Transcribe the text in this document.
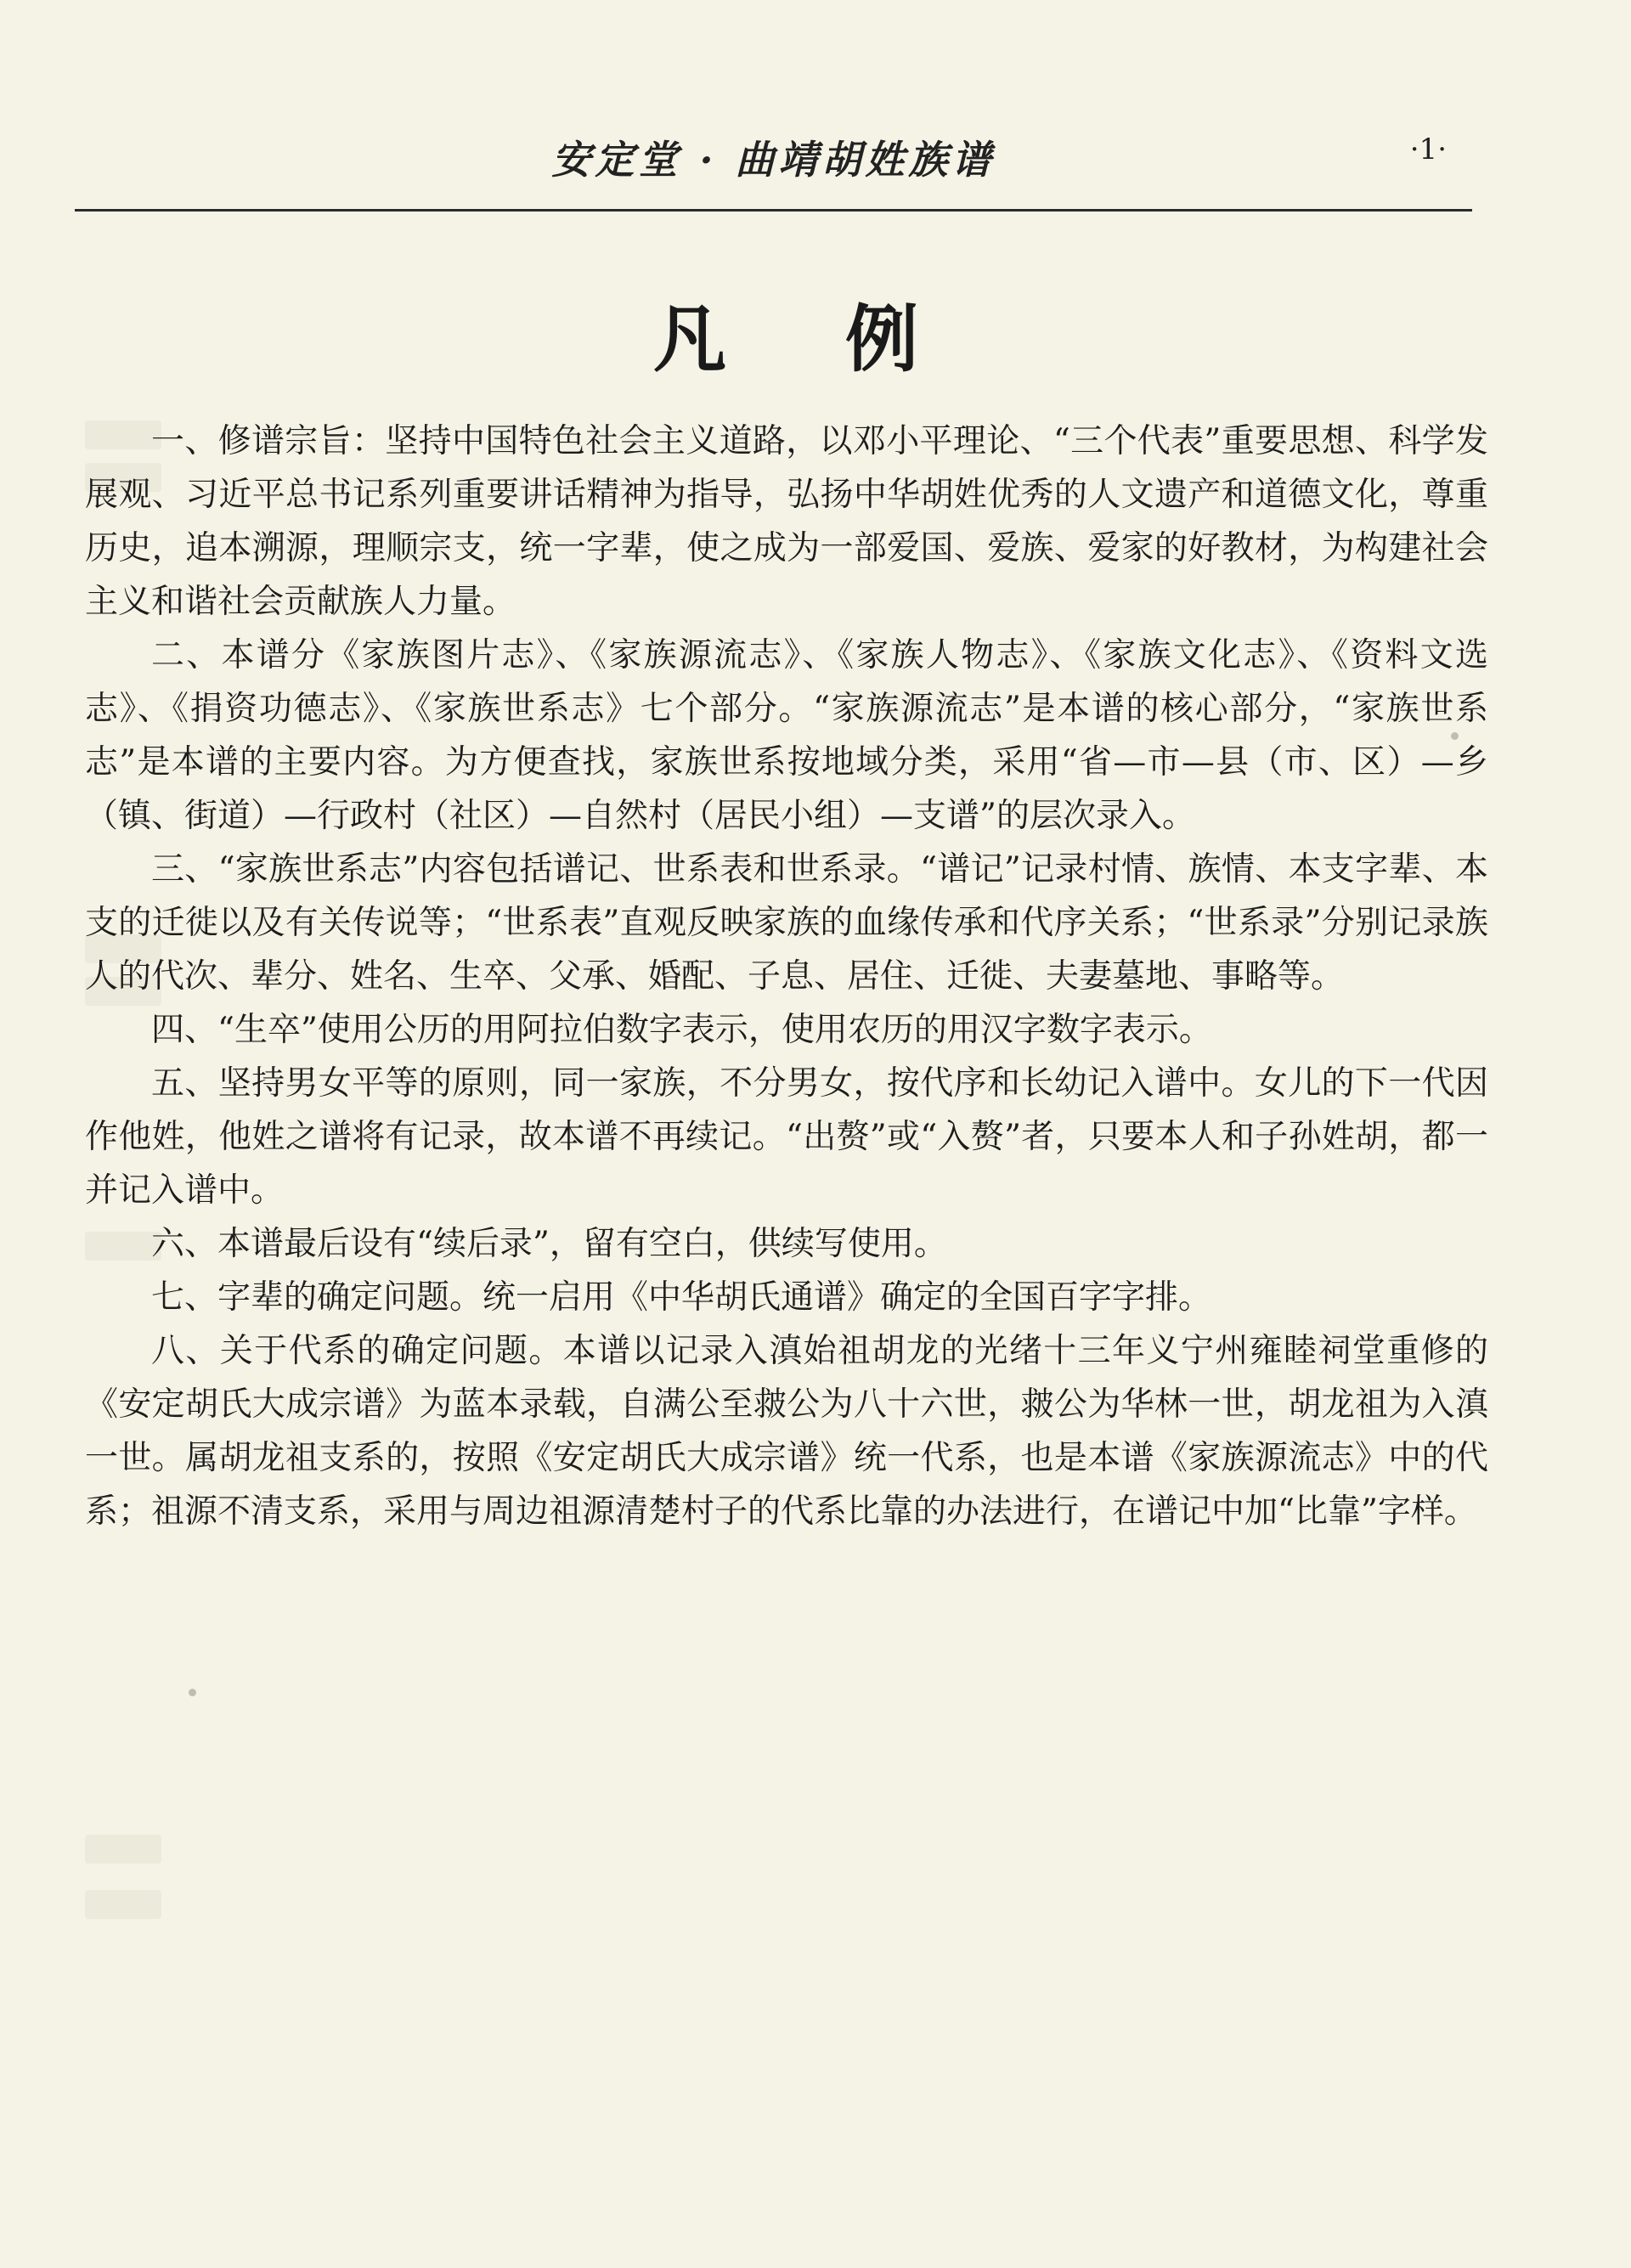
安定堂 · 曲靖胡姓族谱	·1·
凡例

一、修谱宗旨：坚持中国特色社会主义道路，以邓小平理论、“三个代表”重要思想、科学发展观、习近平总书记系列重要讲话精神为指导，弘扬中华胡姓优秀的人文遗产和道德文化，尊重历史，追本溯源，理顺宗支，统一字辈，使之成为一部爱国、爱族、爱家的好教材，为构建社会主义和谐社会贡献族人力量。

二、本谱分《家族图片志》、《家族源流志》、《家族人物志》、《家族文化志》、《资料文选志》、《捐资功德志》、《家族世系志》七个部分。“家族源流志”是本谱的核心部分，“家族世系志”是本谱的主要内容。为方便查找，家族世系按地域分类，采用“省—市—县（市、区）—乡（镇、街道）—行政村（社区）—自然村（居民小组）—支谱”的层次录入。

三、“家族世系志”内容包括谱记、世系表和世系录。“谱记”记录村情、族情、本支字辈、本支的迁徙以及有关传说等；“世系表”直观反映家族的血缘传承和代序关系；“世系录”分别记录族人的代次、辈分、姓名、生卒、父承、婚配、子息、居住、迁徙、夫妻墓地、事略等。

四、“生卒”使用公历的用阿拉伯数字表示，使用农历的用汉字数字表示。

五、坚持男女平等的原则，同一家族，不分男女，按代序和长幼记入谱中。女儿的下一代因作他姓，他姓之谱将有记录，故本谱不再续记。“出赘”或“入赘”者，只要本人和子孙姓胡，都一并记入谱中。

六、本谱最后设有“续后录”，留有空白，供续写使用。

七、字辈的确定问题。统一启用《中华胡氏通谱》确定的全国百字字排。

八、关于代系的确定问题。本谱以记录入滇始祖胡龙的光绪十三年义宁州雍睦祠堂重修的《安定胡氏大成宗谱》为蓝本录载，自满公至皳公为八十六世，皳公为华林一世，胡龙祖为入滇一世。属胡龙祖支系的，按照《安定胡氏大成宗谱》统一代系，也是本谱《家族源流志》中的代系；祖源不清支系，采用与周边祖源清楚村子的代系比靠的办法进行，在谱记中加“比靠”字样。
